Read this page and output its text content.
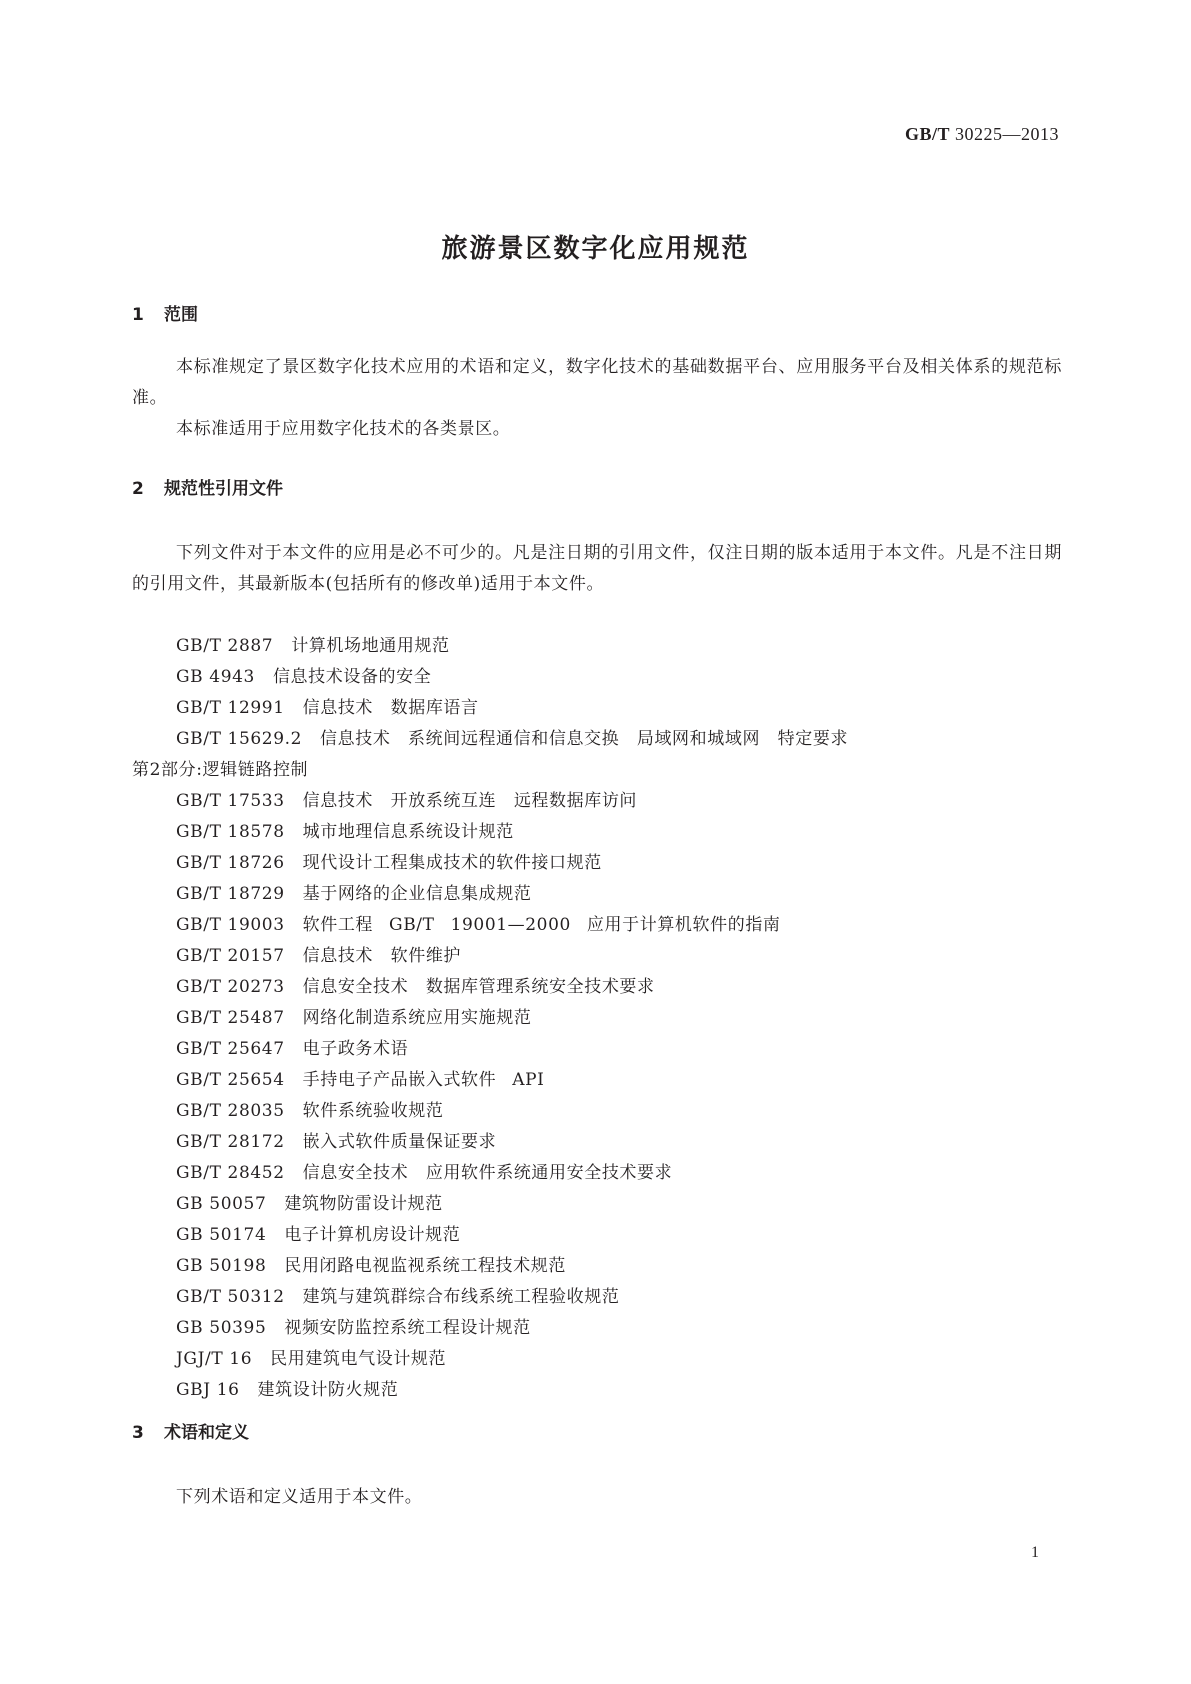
GB/T 30225—2013
旅游景区数字化应用规范
1 范围
本标准规定了景区数字化技术应用的术语和定义，数字化技术的基础数据平台、应用服务平台及相关体系的规范标准。
本标准适用于应用数字化技术的各类景区。
2 规范性引用文件
下列文件对于本文件的应用是必不可少的。凡是注日期的引用文件，仅注日期的版本适用于本文件。凡是不注日期的引用文件，其最新版本(包括所有的修改单)适用于本文件。
GB/T 2887 计算机场地通用规范
GB 4943 信息技术设备的安全
GB/T 12991 信息技术　数据库语言
GB/T 15629.2 信息技术　系统间远程通信和信息交换　局域网和城域网　特定要求
第2部分:逻辑链路控制
GB/T 17533 信息技术　开放系统互连　远程数据库访问
GB/T 18578 城市地理信息系统设计规范
GB/T 18726 现代设计工程集成技术的软件接口规范
GB/T 18729 基于网络的企业信息集成规范
GB/T 19003 软件工程 GB/T 19001—2000 应用于计算机软件的指南
GB/T 20157 信息技术　软件维护
GB/T 20273 信息安全技术　数据库管理系统安全技术要求
GB/T 25487 网络化制造系统应用实施规范
GB/T 25647 电子政务术语
GB/T 25654 手持电子产品嵌入式软件 API
GB/T 28035 软件系统验收规范
GB/T 28172 嵌入式软件质量保证要求
GB/T 28452 信息安全技术　应用软件系统通用安全技术要求
GB 50057 建筑物防雷设计规范
GB 50174 电子计算机房设计规范
GB 50198 民用闭路电视监视系统工程技术规范
GB/T 50312 建筑与建筑群综合布线系统工程验收规范
GB 50395 视频安防监控系统工程设计规范
JGJ/T 16 民用建筑电气设计规范
GBJ 16 建筑设计防火规范
3 术语和定义
下列术语和定义适用于本文件。
1
